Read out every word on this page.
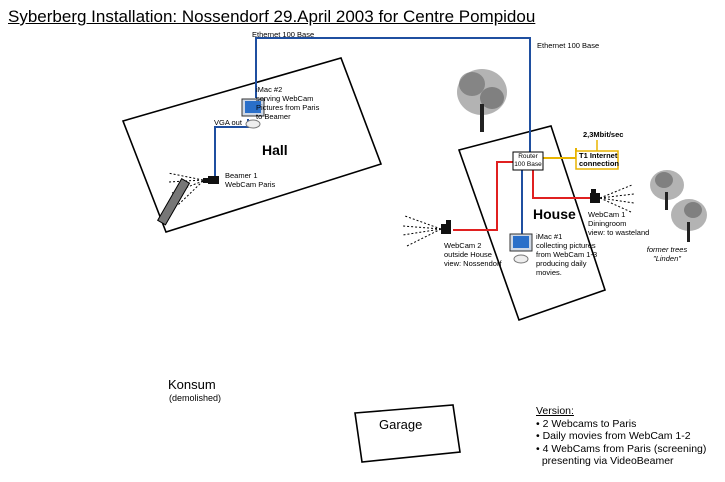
Syberberg Installation: Nossendorf 29.April 2003 for Centre Pompidou
Ethernet 100 Base
Ethernet 100 Base
2,3Mbit/sec
T1 Internet connection
Router
100 Base
Hall
iMac #2
serving WebCam
Pictures from Paris
to Beamer
VGA out
Beamer 1
WebCam Paris
House
iMac #1
collecting pictures
from WebCam 1-3
producing daily
movies.
WebCam 1
Diningroom
view: to wasteland
WebCam 2
outside House
view: Nossendorf
former trees
"Linden"
Konsum
(demolished)
Garage
Version:
• 2 Webcams to Paris
• Daily movies from WebCam 1-2
• 4 WebCams from Paris (screening)
presenting via VideoBeamer
